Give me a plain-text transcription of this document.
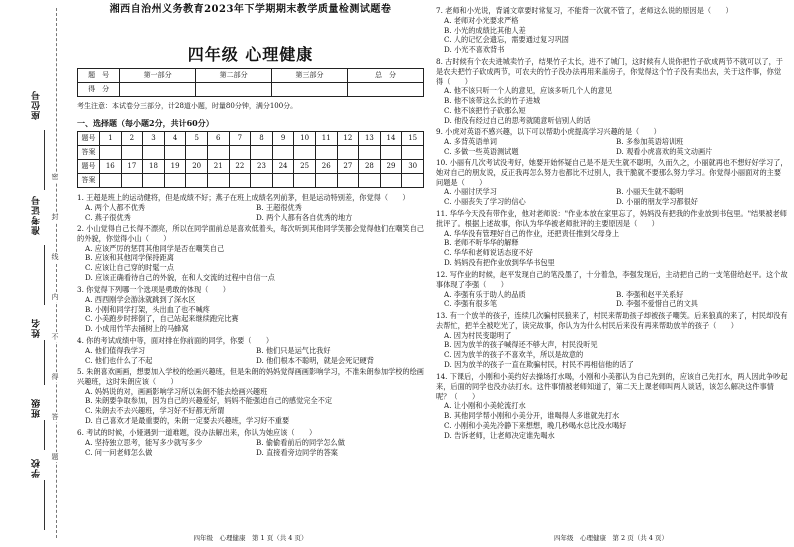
座位号
准考证号
姓名
班级
学校
密
封
线
内
不
得
答
题
湘西自治州义务教育2023年下学期期末教学质量检测试题卷
四年级 心理健康
题　号	第一部分	第二部分	第三部分	总　分
得　分				
考生注意：本试卷分三部分，计28道小题，时量80分钟，满分100分。
一、选择题（每小题2分，共计60分）
题号	1	2	3	4	5	6	7	8	9	10	11	12	13	14	15
答案															
题号	16	17	18	19	20	21	22	23	24	25	26	27	28	29	30
答案															
1. 王超是班上的运动健将，但是成绩不好；燕子在班上成绩名列前茅，但是运动特别差，你觉得（　　）
A. 两个人都不优秀	B. 王超很优秀
C. 燕子很优秀	D. 两个人都有各自优秀的地方
2. 小山觉得自己长得不漂亮，所以在同学面前总是喜欢低着头，每次听到其他同学笑都会觉得他们在嘲笑自己的外貌，你觉得小山（　　）
A. 应该严厉的惩罚其他同学是否在嘲笑自己
B. 应该和其他同学保持距离
C. 应该让自己穿的时髦一点
D. 应该正确看待自己的外貌，在和人交流的过程中自信一点
3. 你觉得下列哪一个选项是勇敢的体现（　　）
A. 西西刚学会游泳就跳到了深水区
B. 小刚和同学打架，头出血了也不喊疼
C. 小美跑步时摔倒了，自己站起来继续跑完比赛
D. 小成用竹竿去捅树上的马蜂窝
4. 你的考试成绩中等，面对排在你前面的同学，你要（　　）
A. 他们值得我学习	B. 他们只是运气比我好
C. 他们也什么了不起	D. 他们根本不聪明，就是会死记硬背
5. 朱朗喜欢画画，想要加入学校的绘画兴趣班，但是朱朗的妈妈觉得画画影响学习，不准朱朗参加学校的绘画兴趣班，这时朱朗应该（　　）
A. 妈妈说的对，画画影响学习所以朱朗不能去绘画兴趣班
B. 朱朗要争取参加，因为自己的兴趣爱好，妈妈不能强迫自己的感觉完全不定
C. 朱朗去不去兴趣班，学习好不好都无所谓
D. 自己喜欢才是最重要的，朱朗一定要去兴趣班，学习好不重要
6. 考试的时候，小娅遇到一道难题，没办法解出来，你认为她应该（　　）
A. 坚持独立思考，能写多少就写多少	B. 偷偷看前后的同学怎么做
C. 问一问老师怎么做	D. 直接看旁边同学的答案
四年级　心理健康　第 1 页（共 4 页）
7. 老师和小光说，背诵文章要时常复习，不能背一次就不管了，老师这么说的原因是（　　）
A. 老师对小光要求严格
B. 小光的成绩比其他人差
C. 人的记忆会遗忘，需要通过复习巩固
D. 小光不喜欢背书
8. 古时候有个农夫进城卖竹子，结果竹子太长，进不了城门，这时候有人说你把竹子砍成两节不就可以了，于是农夫把竹子砍成两节，可农夫的竹子没办法再用来盖房子，你觉得这个竹子没有卖出去，关于这件事，你觉得（　　）
A. 他不该只听一个人的意见，应该多听几个人的意见
B. 他不该带这么长的竹子进城
C. 他不该把竹子砍那么短
D. 他没有经过自己的思考就随意听信别人的话
9. 小虎对英语不感兴趣，以下可以帮助小虎提高学习兴趣的是（　　）
A. 多背英语单词	B. 多参加英语培训班
C. 多做一些英语测试题	D. 观看小虎喜欢的英文动画片
10. 小丽有几次考试没考好，她要开始怀疑自己是不是天生就不聪明，久而久之，小丽就再也不想好好学习了，她对自己的朋友说，反正我再怎么努力也都比不过别人，我干脆就不要那么努力学习。你觉得小丽面对的主要问题是（　　）
A. 小丽讨厌学习	B. 小丽天生就不聪明
C. 小丽丧失了学习的信心	D. 小丽的朋友学习都很好
11. 华华今天没有带作业，他对老师说："作业本放在家里忘了，妈妈没有把我的作业放到书包里。"结果被老师批评了。根据上述故事，你认为华华被老师批评的主要原因是（　　）
A. 华华没有管理好自己的作业，还把责任推到父母身上
B. 老师不听华华的解释
C. 华华和老师说话态度不好
D. 妈妈没有把作业放到华华书包里
12. 写作业的时候，赵平发现自己的笔没墨了，十分着急，李强发现后，主动把自己的一支笔借给赵平。这个故事体现了李强（　　）
A. 李强有乐于助人的品质	B. 李强和赵平关系好
C. 李强有很多笔	D. 李强不爱惜自己的文具
13. 有一个放羊的孩子，连续几次骗村民狼来了，村民来帮助孩子却被孩子嘲笑。后来狼真的来了，村民却没有去帮忙，把羊全被吃光了，读完故事，你认为为什么村民后来没有再来帮助放羊的孩子（　　）
A. 因为村民变聪明了
B. 因为放羊的孩子喊得还不够大声，村民没听见
C. 因为放羊的孩子不喜欢羊，所以是故意的
D. 因为放羊的孩子一直在欺骗村民，村民不再相信他的话了
14. 下课后，小刚和小美约好去操场打水喝，小刚和小美都认为自己先到的，应该自己先打水，两人因此争吵起来，后面的同学也没办法打水。这件事情被老师知道了，第二天上课老师叫两人谈话，该怎么解决这件事情呢？（　　）
A. 让小刚和小美轮流打水
B. 其他同学帮小刚和小美分开，谁喝得人多谁就先打水
C. 小刚和小美先冷静下来想想，晚几秒喝水总比没水喝好
D. 告诉老师，让老师决定谁先喝水
四年级　心理健康　第 2 页（共 4 页）
